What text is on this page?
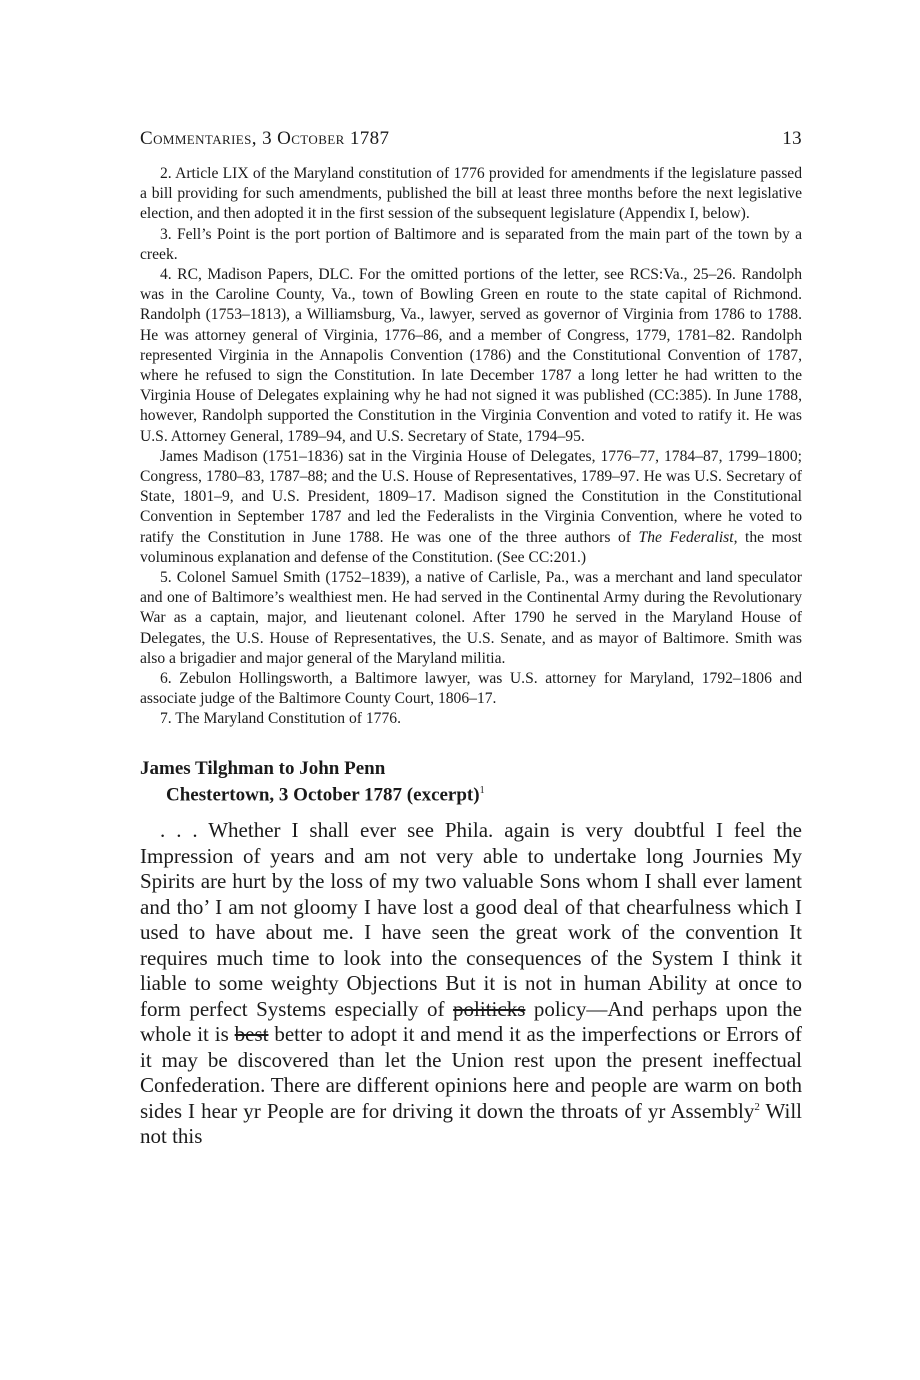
Commentaries, 3 October 1787	13

2. Article LIX of the Maryland constitution of 1776 provided for amendments if the legislature passed a bill providing for such amendments, published the bill at least three months before the next legislative election, and then adopted it in the first session of the subsequent legislature (Appendix I, below).

3. Fell’s Point is the port portion of Baltimore and is separated from the main part of the town by a creek.

4. RC, Madison Papers, DLC. For the omitted portions of the letter, see RCS:Va., 25–26. Randolph was in the Caroline County, Va., town of Bowling Green en route to the state capital of Richmond. Randolph (1753–1813), a Williamsburg, Va., lawyer, served as governor of Virginia from 1786 to 1788. He was attorney general of Virginia, 1776–86, and a member of Congress, 1779, 1781–82. Randolph represented Virginia in the Annapolis Convention (1786) and the Constitutional Convention of 1787, where he refused to sign the Constitution. In late December 1787 a long letter he had written to the Virginia House of Delegates explaining why he had not signed it was published (CC:385). In June 1788, however, Randolph supported the Constitution in the Virginia Convention and voted to ratify it. He was U.S. Attorney General, 1789–94, and U.S. Secretary of State, 1794–95.

James Madison (1751–1836) sat in the Virginia House of Delegates, 1776–77, 1784–87, 1799–1800; Congress, 1780–83, 1787–88; and the U.S. House of Representatives, 1789–97. He was U.S. Secretary of State, 1801–9, and U.S. President, 1809–17. Madison signed the Constitution in the Constitutional Convention in September 1787 and led the Federalists in the Virginia Convention, where he voted to ratify the Constitution in June 1788. He was one of the three authors of The Federalist, the most voluminous explanation and defense of the Constitution. (See CC:201.)

5. Colonel Samuel Smith (1752–1839), a native of Carlisle, Pa., was a merchant and land speculator and one of Baltimore’s wealthiest men. He had served in the Continental Army during the Revolutionary War as a captain, major, and lieutenant colonel. After 1790 he served in the Maryland House of Delegates, the U.S. House of Representatives, the U.S. Senate, and as mayor of Baltimore. Smith was also a brigadier and major general of the Maryland militia.

6. Zebulon Hollingsworth, a Baltimore lawyer, was U.S. attorney for Maryland, 1792–1806 and associate judge of the Baltimore County Court, 1806–17.

7. The Maryland Constitution of 1776.

James Tilghman to John Penn
Chestertown, 3 October 1787 (excerpt)$^1$

. . . Whether I shall ever see Phila. again is very doubtful I feel the Impression of years and am not very able to undertake long Journies My Spirits are hurt by the loss of my two valuable Sons whom I shall ever lament and tho’ I am not gloomy I have lost a good deal of that chearfulness which I used to have about me. I have seen the great work of the convention It requires much time to look into the consequences of the System I think it liable to some weighty Objections But it is not in human Ability at once to form perfect Systems especially of politicks policy—And perhaps upon the whole it is best better to adopt it and mend it as the imperfections or Errors of it may be discovered than let the Union rest upon the present ineffectual Confederation. There are different opinions here and people are warm on both sides I hear yr People are for driving it down the throats of yr Assembly$^2$ Will not this
